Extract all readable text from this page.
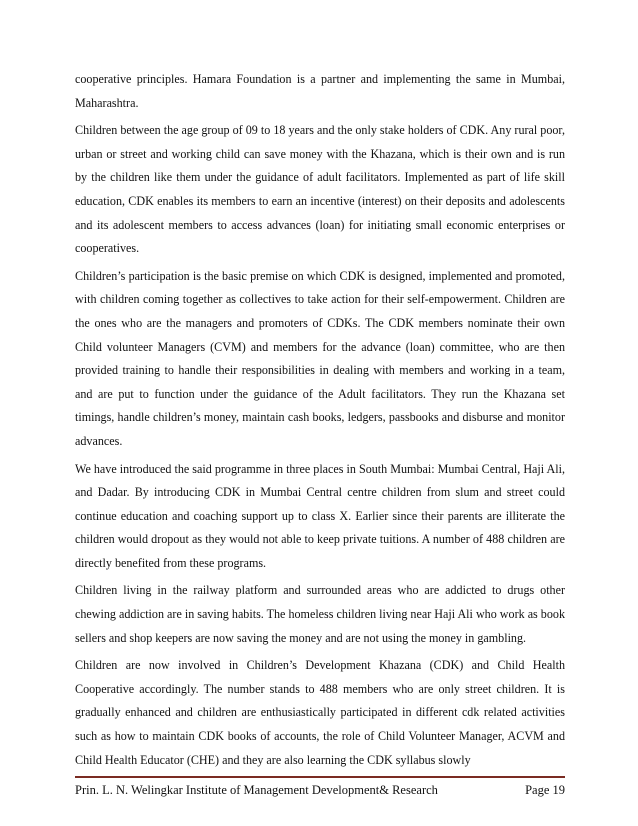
cooperative principles. Hamara Foundation is a partner and implementing the same in Mumbai, Maharashtra.

Children between the age group of 09 to 18 years and the only stake holders of CDK. Any rural poor, urban or street and working child can save money with the Khazana, which is their own and is run by the children like them under the guidance of adult facilitators. Implemented as part of life skill education, CDK enables its members to earn an incentive (interest) on their deposits and adolescents and its adolescent members to access advances (loan) for initiating small economic enterprises or cooperatives.

Children’s participation is the basic premise on which CDK is designed, implemented and promoted, with children coming together as collectives to take action for their self-empowerment. Children are the ones who are the managers and promoters of CDKs. The CDK members nominate their own Child volunteer Managers (CVM) and members for the advance (loan) committee, who are then provided training to handle their responsibilities in dealing with members and working in a team, and are put to function under the guidance of the Adult facilitators. They run the Khazana set timings, handle children’s money, maintain cash books, ledgers, passbooks and disburse and monitor advances.

We have introduced the said programme in three places in South Mumbai: Mumbai Central, Haji Ali, and Dadar. By introducing CDK in Mumbai Central centre children from slum and street could continue education and coaching support up to class X. Earlier since their parents are illiterate the children would dropout as they would not able to keep private tuitions. A number of 488 children are directly benefited from these programs.

Children living in the railway platform and surrounded areas who are addicted to drugs other chewing addiction are in saving habits. The homeless children living near Haji Ali who work as book sellers and shop keepers are now saving the money and are not using the money in gambling.

Children are now involved in Children’s Development Khazana (CDK) and Child Health Cooperative accordingly. The number stands to 488 members who are only street children. It is gradually enhanced and children are enthusiastically participated in different cdk related activities such as how to maintain CDK books of accounts, the role of Child Volunteer Manager, ACVM and Child Health Educator (CHE) and they are also learning the CDK syllabus slowly

Prin. L. N. Welingkar Institute of Management Development& Research	Page 19
